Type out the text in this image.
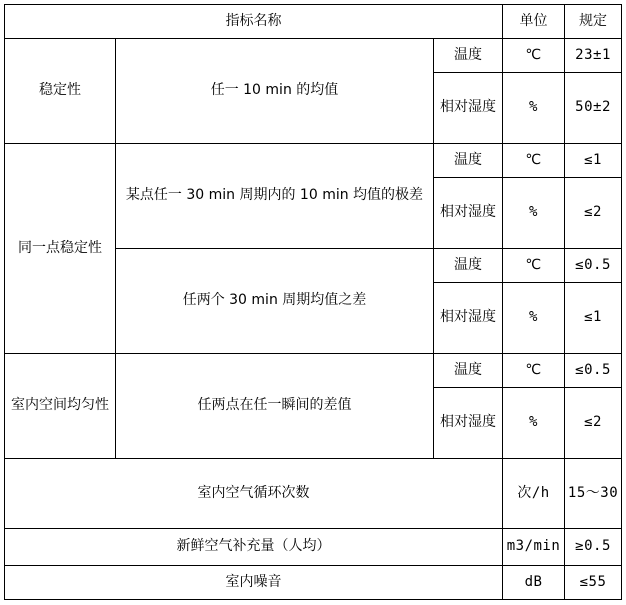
指标名称			单位	规定
稳定性	任一 10 min 的均值	温度	℃	23±1
		相对湿度	%	50±2
同一点稳定性	某点任一 30 min 周期内的 10 min 均值的极差	温度	℃	≤1
		相对湿度	%	≤2
	任两个 30 min 周期均值之差	温度	℃	≤0.5
		相对湿度	%	≤1
室内空间均匀性	任两点在任一瞬间的差值	温度	℃	≤0.5
		相对湿度	%	≤2
室内空气循环次数			次/h	15～30
新鲜空气补充量（人均）			m3/min	≥0.5
室内噪音			dB	≤55
